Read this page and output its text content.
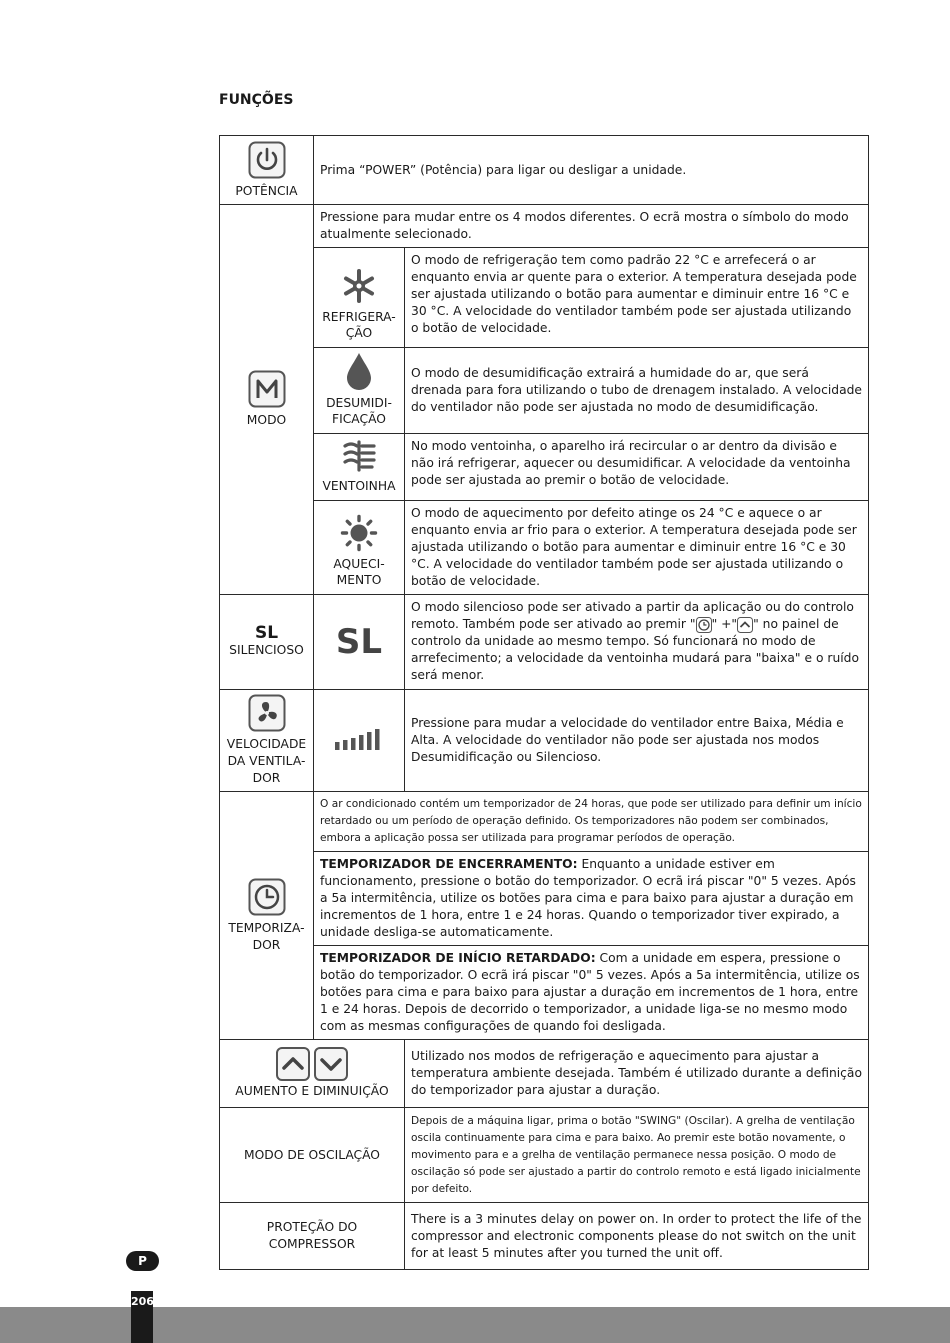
FUNÇÕES
POTÊNCIA	Prima “POWER” (Potência) para ligar ou desligar a unidade.	

MODO	Pressione para mudar entre os 4 modos diferentes. O ecrã mostra o símbolo do modo atualmente selecionado.	

REFRIGERA-ÇÃO	O modo de refrigeração tem como padrão 22 °C e arrefecerá o ar enquanto envia ar quente para o exterior. A temperatura desejada pode ser ajustada utilizando o botão para aumentar e diminuir entre 16 °C e 30 °C. A velocidade do ventilador também pode ser ajustada utilizando o botão de velocidade.

DESUMIDI-FICAÇÃO	O modo de desumidificação extrairá a humidade do ar, que será drenada para fora utilizando o tubo de drenagem instalado. A velocidade do ventilador não pode ser ajustada no modo de desumidificação.

VENTOINHA	No modo ventoinha, o aparelho irá recircular o ar dentro da divisão e não irá refrigerar, aquecer ou desumidificar. A velocidade da ventoinha pode ser ajustada ao premir o botão de velocidade.

AQUECI-MENTO	O modo de aquecimento por defeito atinge os 24 °C e aquece o ar enquanto envia ar frio para o exterior. A temperatura desejada pode ser ajustada utilizando o botão para aumentar e diminuir entre 16 °C e 30 °C. A velocidade do ventilador também pode ser ajustada utilizando o botão de velocidade.

SL
SILENCIOSO	SL	O modo silencioso pode ser ativado a partir da aplicação ou do controlo remoto. Também pode ser ativado ao premir " " +" " no painel de controlo da unidade ao mesmo tempo. Só funcionará no modo de arrefecimento; a velocidade da ventoinha mudará para "baixa" e o ruído será menor.

VELOCIDADE DA VENTILA-DOR		Pressione para mudar a velocidade do ventilador entre Baixa, Média e Alta. A velocidade do ventilador não pode ser ajustada nos modos Desumidificação ou Silencioso.

TEMPORIZA-DOR	O ar condicionado contém um temporizador de 24 horas, que pode ser utilizado para definir um início retardado ou um período de operação definido. Os temporizadores não podem ser combinados, embora a aplicação possa ser utilizada para programar períodos de operação.	
	TEMPORIZADOR DE ENCERRAMENTO: Enquanto a unidade estiver em funcionamento, pressione o botão do temporizador. O ecrã irá piscar "0" 5 vezes. Após a 5a intermitência, utilize os botões para cima e para baixo para ajustar a duração em incrementos de 1 hora, entre 1 e 24 horas. Quando o temporizador tiver expirado, a unidade desliga-se automaticamente.	
	TEMPORIZADOR DE INÍCIO RETARDADO: Com a unidade em espera, pressione o botão do temporizador. O ecrã irá piscar "0" 5 vezes. Após a 5a intermitência, utilize os botões para cima e para baixo para ajustar a duração em incrementos de 1 hora, entre 1 e 24 horas. Depois de decorrido o temporizador, a unidade liga-se no mesmo modo com as mesmas configurações de quando foi desligada.	

AUMENTO E DIMINUIÇÃO		Utilizado nos modos de refrigeração e aquecimento para ajustar a temperatura ambiente desejada. Também é utilizado durante a definição do temporizador para ajustar a duração.
MODO DE OSCILAÇÃO		Depois de a máquina ligar, prima o botão "SWING" (Oscilar). A grelha de ventilação oscila continuamente para cima e para baixo. Ao premir este botão novamente, o movimento para e a grelha de ventilação permanece nessa posição. O modo de oscilação só pode ser ajustado a partir do controlo remoto e está ligado inicialmente por defeito.
PROTEÇÃO DO COMPRESSOR		There is a 3 minutes delay on power on. In order to protect the life of the compressor and electronic components please do not switch on the unit for at least 5 minutes after you turned the unit off.
P
206
